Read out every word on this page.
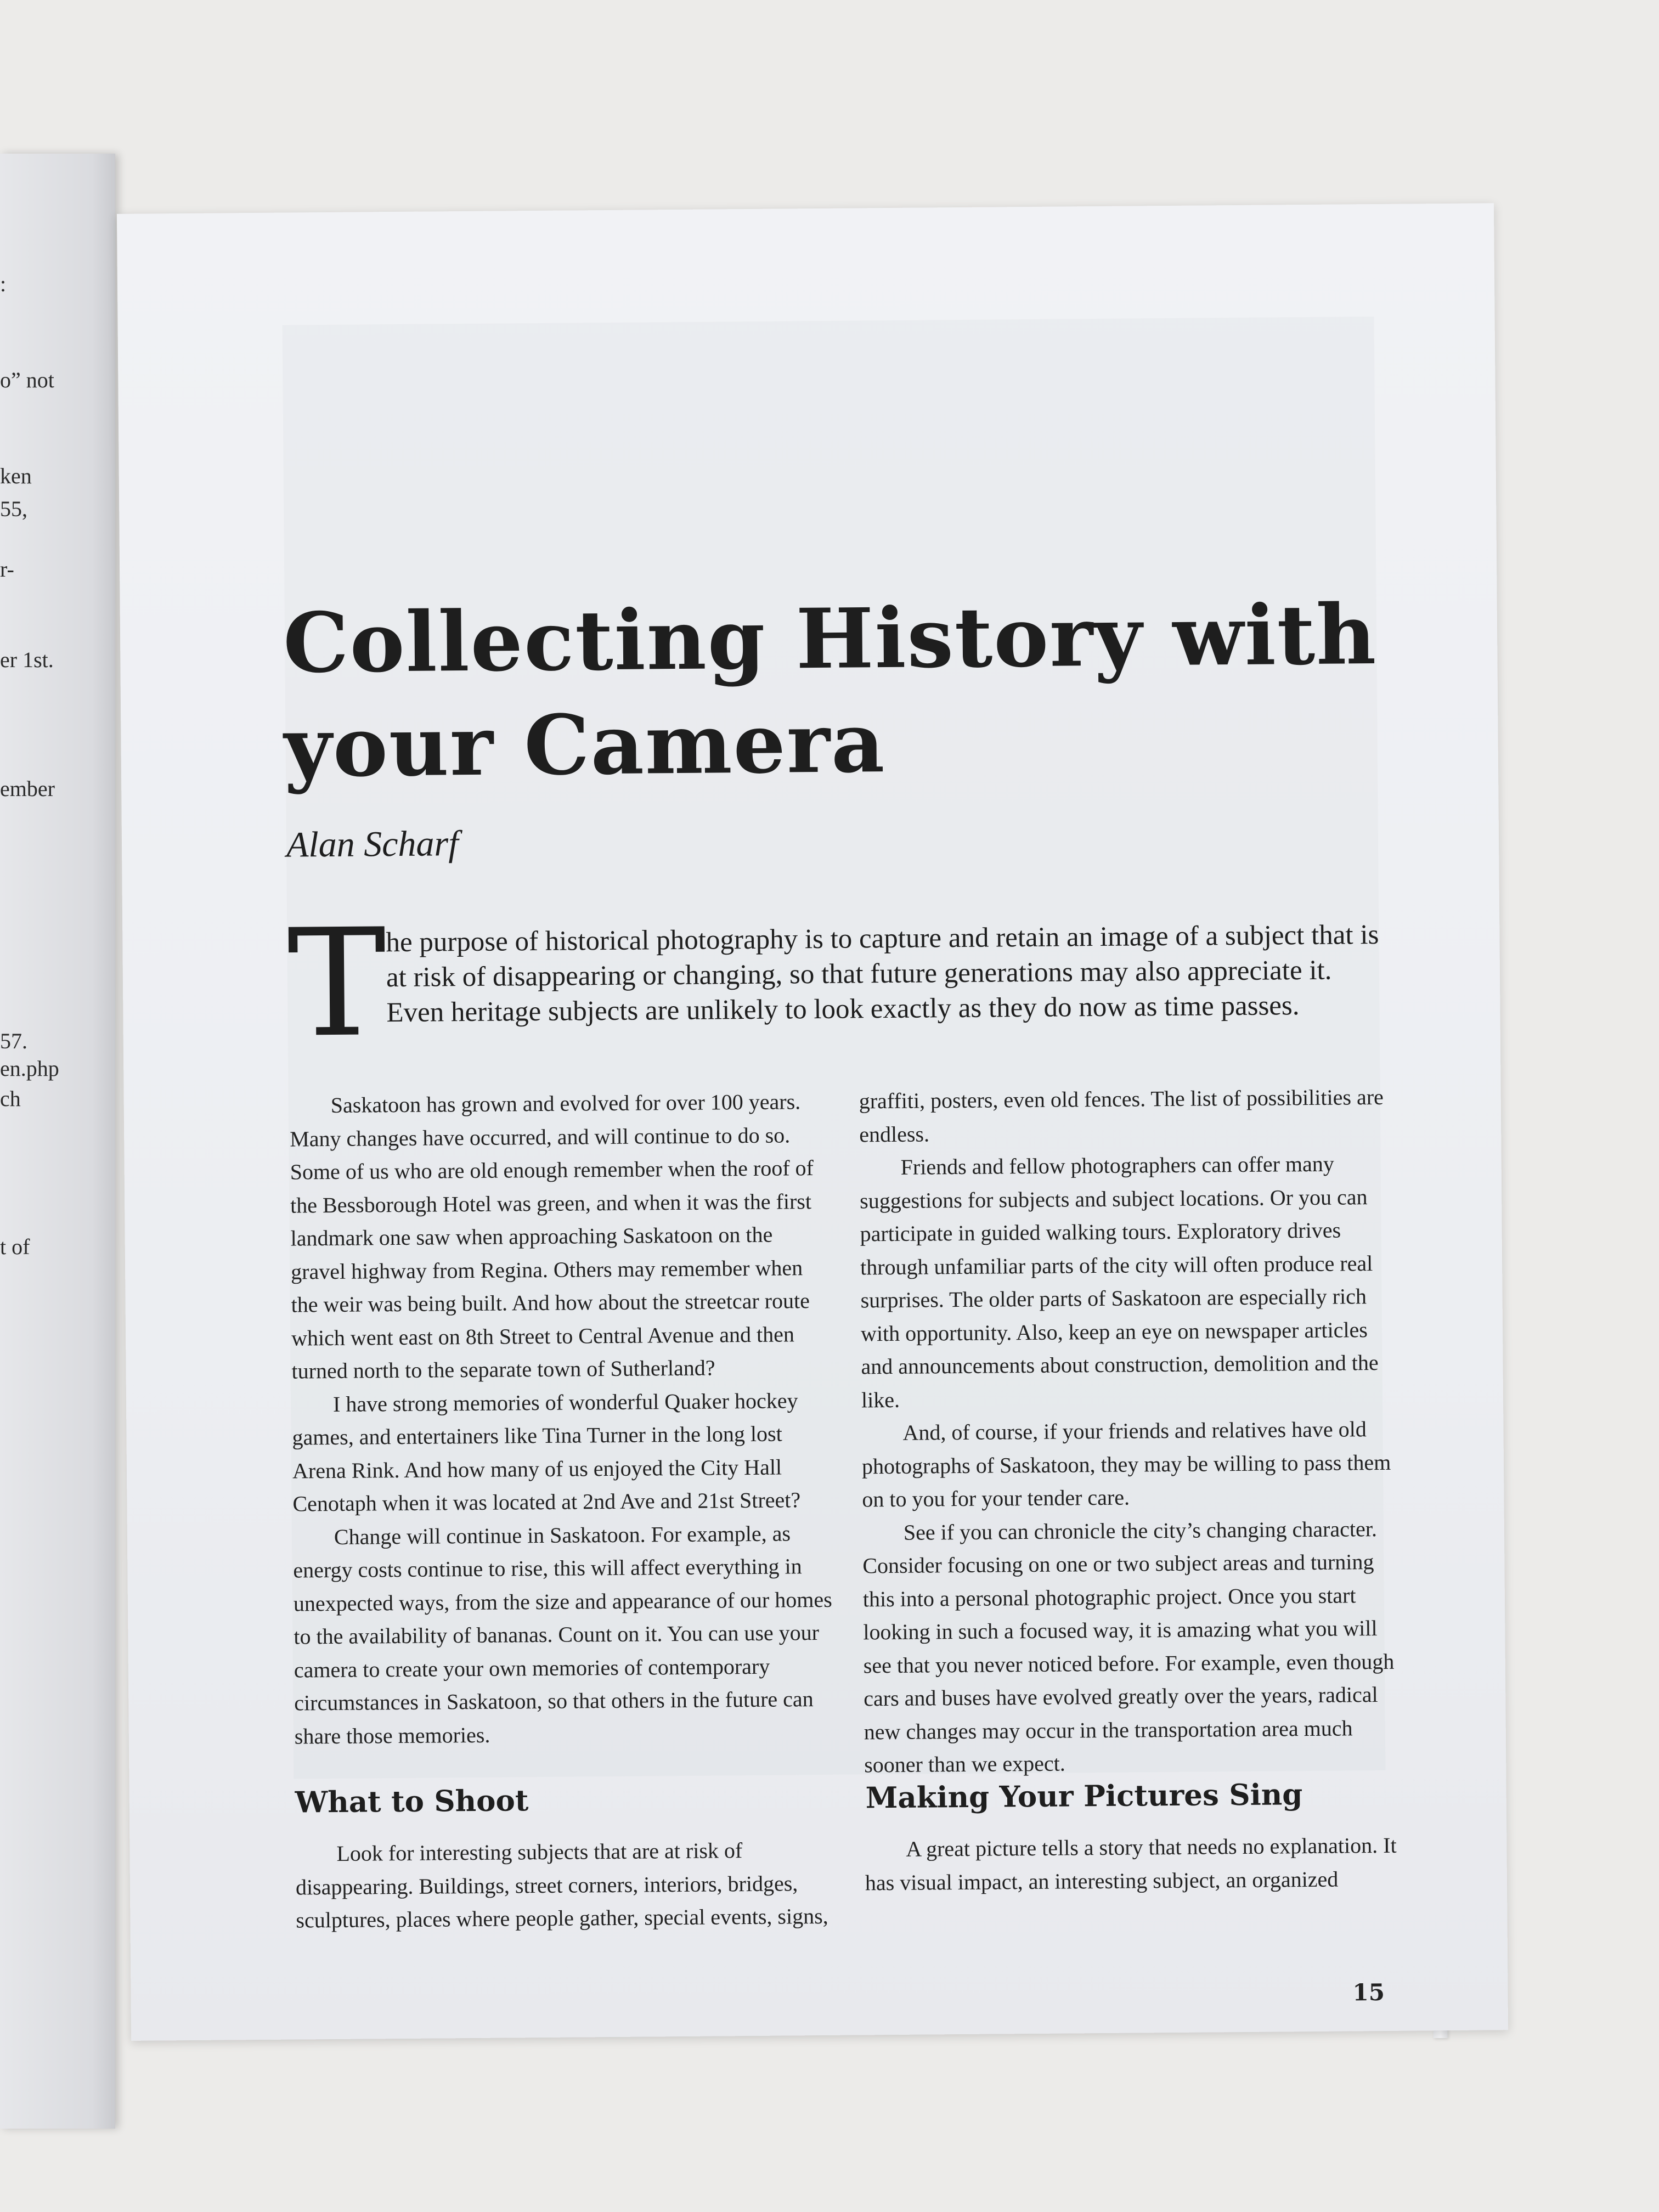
:
o” not
ken
55,
r-
er 1st.
ember
57.
en.php
ch
t of
Collecting History with your Camera
Alan Scharf
T

he purpose of historical photography is to capture and retain an image of a subject that is at risk of disappearing or changing, so that future generations may also appreciate it. Even heritage subjects are unlikely to look exactly as they do now as time passes.

Saskatoon has grown and evolved for over 100 years. Many changes have occurred, and will continue to do so. Some of us who are old enough remember when the roof of the Bessborough Hotel was green, and when it was the first landmark one saw when approaching Saskatoon on the gravel highway from Regina. Others may remember when the weir was being built. And how about the streetcar route which went east on 8th Street to Central Avenue and then turned north to the separate town of Sutherland?

I have strong memories of wonderful Quaker hockey games, and entertainers like Tina Turner in the long lost Arena Rink. And how many of us enjoyed the City Hall Cenotaph when it was located at 2nd Ave and 21st Street?

Change will continue in Saskatoon. For example, as energy costs continue to rise, this will affect everything in unexpected ways, from the size and appearance of our homes to the availability of bananas. Count on it. You can use your camera to create your own memories of contemporary circumstances in Saskatoon, so that others in the future can share those memories.

graffiti, posters, even old fences. The list of possibilities are endless.

Friends and fellow photographers can offer many suggestions for subjects and subject locations. Or you can participate in guided walking tours. Exploratory drives through unfamiliar parts of the city will often produce real surprises. The older parts of Saskatoon are especially rich with opportunity. Also, keep an eye on newspaper articles and announcements about construction, demolition and the like.

And, of course, if your friends and relatives have old photographs of Saskatoon, they may be willing to pass them on to you for your tender care.

See if you can chronicle the city’s changing character. Consider focusing on one or two subject areas and turning this into a personal photographic project. Once you start looking in such a focused way, it is amazing what you will see that you never noticed before. For example, even though cars and buses have evolved greatly over the years, radical new changes may occur in the transportation area much sooner than we expect.

What to Shoot

Look for interesting subjects that are at risk of disappearing. Buildings, street corners, interiors, bridges, sculptures, places where people gather, special events, signs,

Making Your Pictures Sing

A great picture tells a story that needs no explanation. It has visual impact, an interesting subject, an organized

15
